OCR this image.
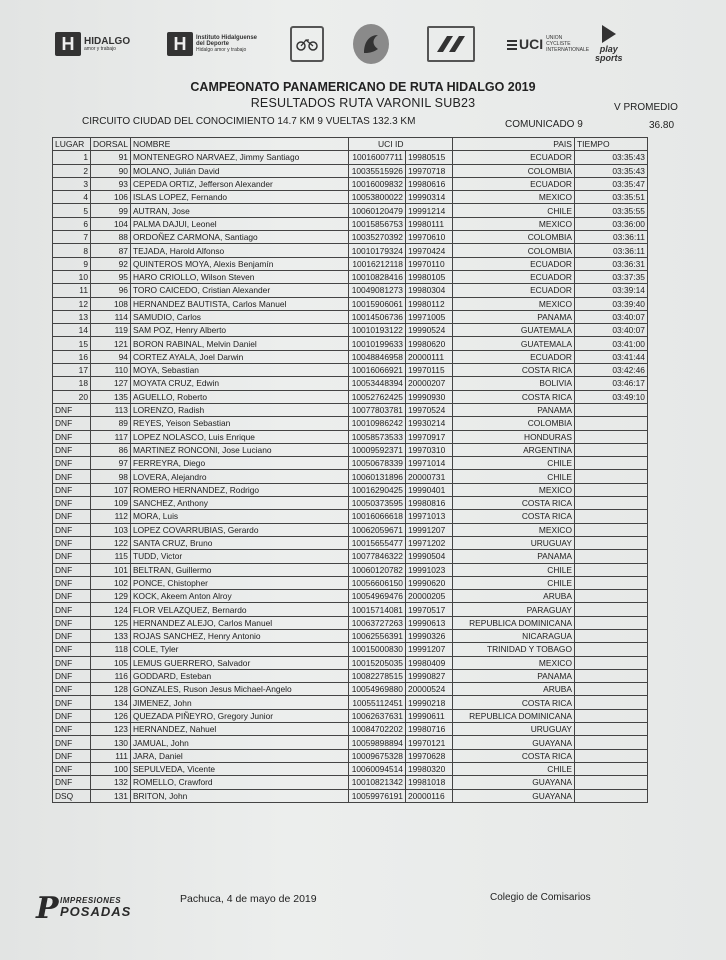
H HIDALGO
amor y trabajo	H	Instituto Hidalguense
del Deporte
Hidalgo amor y trabajo	UCI UNION CYCLISTE INTERNATIONALE	play
sports
CAMPEONATO PANAMERICANO DE RUTA HIDALGO 2019
RESULTADOS RUTA VARONIL SUB23	V PROMEDIO
CIRCUITO CIUDAD DEL CONOCIMIENTO 14.7 KM 9 VUELTAS 132.3 KM	COMUNICADO 9	36.80
LUGAR	DORSAL	NOMBRE	UCI ID		PAIS	TIEMPO
1	91	MONTENEGRO NARVAEZ, Jimmy Santiago	10016007711	19980515	ECUADOR	03:35:43
2	90	MOLANO, Julián David	10035515926	19970718	COLOMBIA	03:35:43
3	93	CEPEDA ORTIZ, Jefferson Alexander	10016009832	19980616	ECUADOR	03:35:47
4	106	ISLAS LOPEZ, Fernando	10053800022	19990314	MEXICO	03:35:51
5	99	AUTRAN, Jose	10060120479	19991214	CHILE	03:35:55
6	104	PALMA DAJUI, Leonel	10015856753	19980111	MEXICO	03:36:00
7	88	ORDOÑEZ CARMONA, Santiago	10035270392	19970610	COLOMBIA	03:36:11
8	87	TEJADA, Harold Alfonso	10010179324	19970424	COLOMBIA	03:36:11
9	92	QUINTEROS MOYA, Alexis Benjamín	10016212118	19970110	ECUADOR	03:36:31
10	95	HARO CRIOLLO, Wilson Steven	10010828416	19980105	ECUADOR	03:37:35
11	96	TORO CAICEDO, Cristian Alexander	10049081273	19980304	ECUADOR	03:39:14
12	108	HERNANDEZ BAUTISTA, Carlos Manuel	10015906061	19980112	MEXICO	03:39:40
13	114	SAMUDIO, Carlos	10014506736	19971005	PANAMA	03:40:07
14	119	SAM POZ, Henry Alberto	10010193122	19990524	GUATEMALA	03:40:07
15	121	BORON RABINAL, Melvin Daniel	10010199633	19980620	GUATEMALA	03:41:00
16	94	CORTEZ AYALA, Joel Darwin	10048846958	20000111	ECUADOR	03:41:44
17	110	MOYA, Sebastian	10016066921	19970115	COSTA RICA	03:42:46
18	127	MOYATA CRUZ, Edwin	10053448394	20000207	BOLIVIA	03:46:17
20	135	AGUELLO, Roberto	10052762425	19990930	COSTA RICA	03:49:10
DNF	113	LORENZO, Radish	10077803781	19970524	PANAMA	
DNF	89	REYES, Yeison Sebastian	10010986242	19930214	COLOMBIA	
DNF	117	LOPEZ NOLASCO, Luis Enrique	10058573533	19970917	HONDURAS	
DNF	86	MARTINEZ RONCONI, Jose Luciano	10009592371	19970310	ARGENTINA	
DNF	97	FERREYRA, Diego	10050678339	19971014	CHILE	
DNF	98	LOVERA, Alejandro	10060131896	20000731	CHILE	
DNF	107	ROMERO HERNANDEZ, Rodrigo	10016290425	19990401	MEXICO	
DNF	109	SANCHEZ, Anthony	10050373595	19980816	COSTA RICA	
DNF	112	MORA, Luis	10016066618	19971013	COSTA RICA	
DNF	103	LOPEZ COVARRUBIAS, Gerardo	10062059671	19991207	MEXICO	
DNF	122	SANTA CRUZ, Bruno	10015655477	19971202	URUGUAY	
DNF	115	TUDD, Victor	10077846322	19990504	PANAMA	
DNF	101	BELTRAN, Guillermo	10060120782	19991023	CHILE	
DNF	102	PONCE, Chistopher	10056606150	19990620	CHILE	
DNF	129	KOCK, Akeem Anton Alroy	10054969476	20000205	ARUBA	
DNF	124	FLOR VELAZQUEZ, Bernardo	10015714081	19970517	PARAGUAY	
DNF	125	HERNANDEZ ALEJO, Carlos Manuel	10063727263	19990613	REPUBLICA DOMINICANA	
DNF	133	ROJAS SANCHEZ, Henry Antonio	10062556391	19990326	NICARAGUA	
DNF	118	COLE, Tyler	10015000830	19991207	TRINIDAD Y TOBAGO	
DNF	105	LEMUS GUERRERO, Salvador	10015205035	19980409	MEXICO	
DNF	116	GODDARD, Esteban	10082278515	19990827	PANAMA	
DNF	128	GONZALES, Ruson Jesus Michael-Angelo	10054969880	20000524	ARUBA	
DNF	134	JIMENEZ, John	10055112451	19990218	COSTA RICA	
DNF	126	QUEZADA PIÑEYRO, Gregory Junior	10062637631	19990611	REPUBLICA DOMINICANA	
DNF	123	HERNANDEZ, Nahuel	10084702202	19980716	URUGUAY	
DNF	130	JAMUAL, John	10059898894	19970121	GUAYANA	
DNF	111	JARA, Daniel	10009675328	19970628	COSTA RICA	
DNF	100	SEPULVEDA, Vicente	10060094514	19980320	CHILE	
DNF	132	ROMELLO, Crawford	10010821342	19981018	GUAYANA	
DSQ	131	BRITON, John	10059976191	20000116	GUAYANA	
P IMPRESIONES
POSADAS
Pachuca, 4 de mayo de 2019	Colegio de Comisarios
